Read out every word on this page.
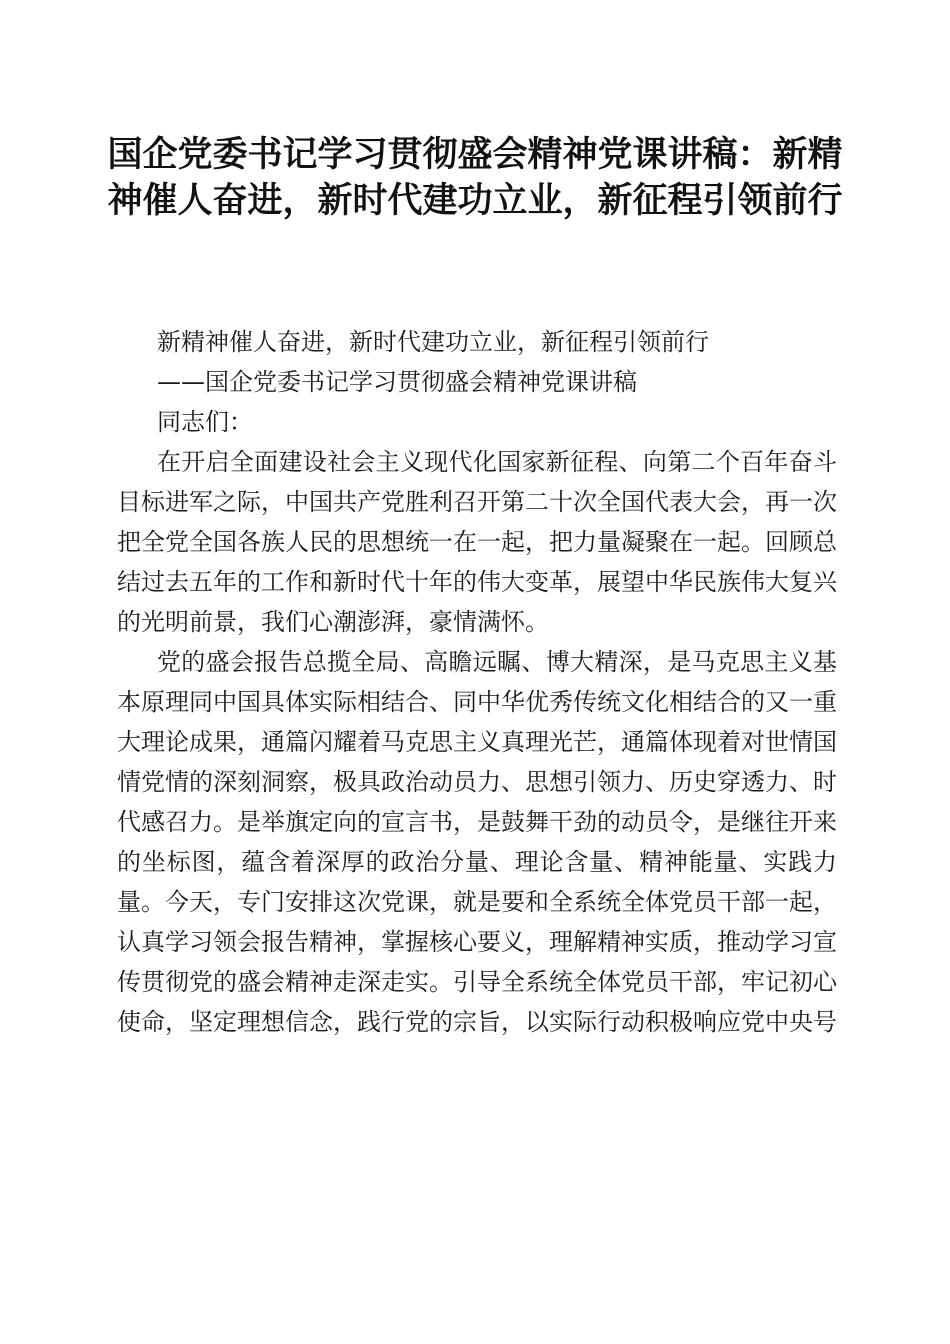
国企党委书记学习贯彻盛会精神党课讲稿：新精神催人奋进，新时代建功立业，新征程引领前行

新精神催人奋进，新时代建功立业，新征程引领前行

——国企党委书记学习贯彻盛会精神党课讲稿

同志们：

在开启全面建设社会主义现代化国家新征程、向第二个百年奋斗目标进军之际，中国共产党胜利召开第二十次全国代表大会，再一次把全党全国各族人民的思想统一在一起，把力量凝聚在一起。回顾总结过去五年的工作和新时代十年的伟大变革，展望中华民族伟大复兴的光明前景，我们心潮澎湃，豪情满怀。

党的盛会报告总揽全局、高瞻远瞩、博大精深，是马克思主义基本原理同中国具体实际相结合、同中华优秀传统文化相结合的又一重大理论成果，通篇闪耀着马克思主义真理光芒，通篇体现着对世情国情党情的深刻洞察，极具政治动员力、思想引领力、历史穿透力、时代感召力。是举旗定向的宣言书，是鼓舞干劲的动员令，是继往开来的坐标图，蕴含着深厚的政治分量、理论含量、精神能量、实践力量。今天，专门安排这次党课，就是要和全系统全体党员干部一起，认真学习领会报告精神，掌握核心要义，理解精神实质，推动学习宣传贯彻党的盛会精神走深走实。引导全系统全体党员干部，牢记初心使命，坚定理想信念，践行党的宗旨，以实际行动积极响应党中央号
